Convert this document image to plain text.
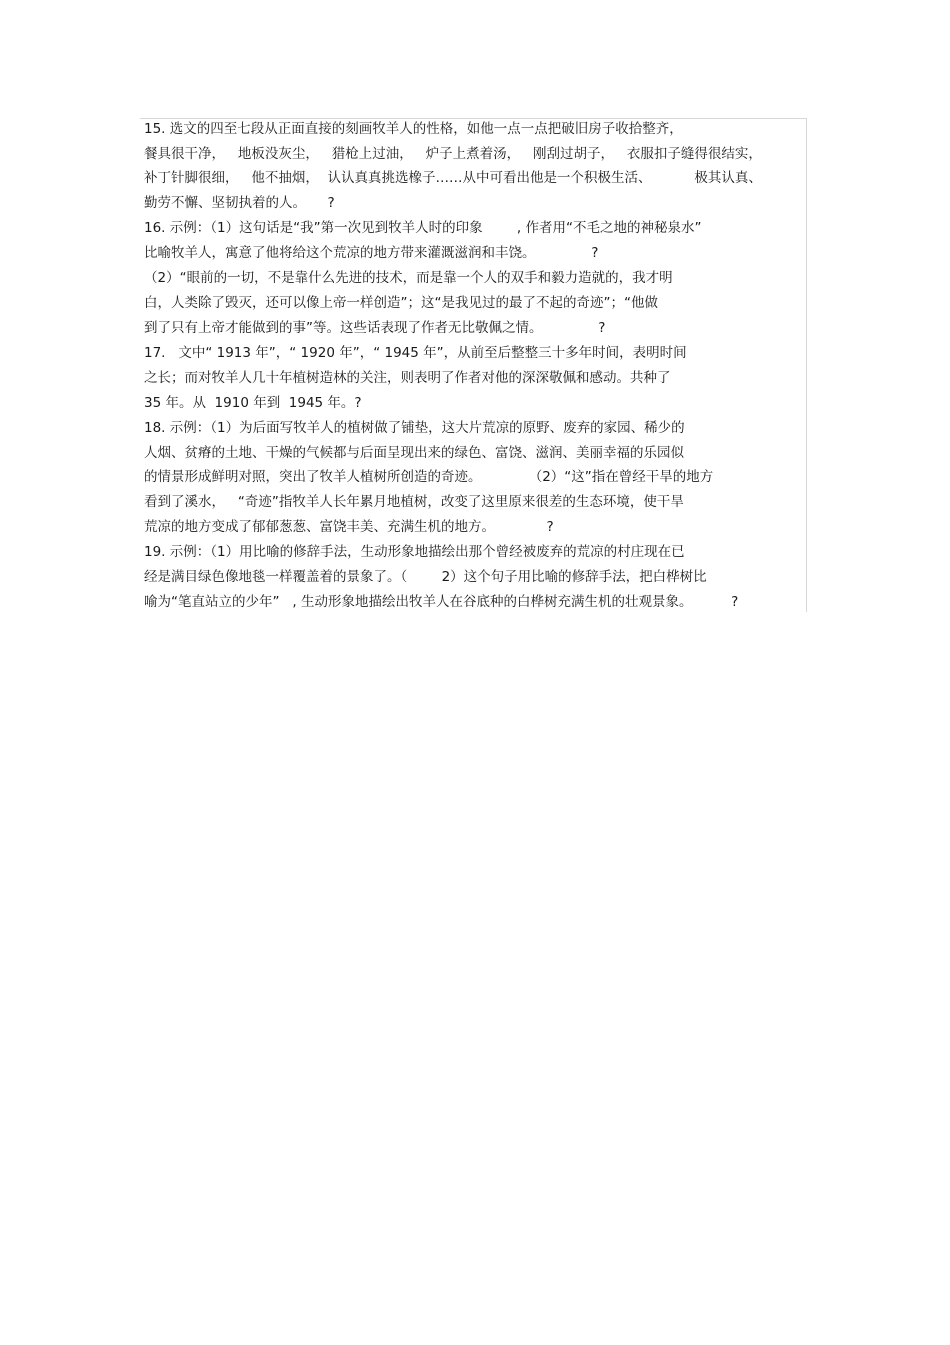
15. 选文的四至七段从正面直接的刻画牧羊人的性格，如他一点一点把破旧房子收拾整齐，
餐具很干净，   地板没灰尘，   猎枪上过油，   炉子上煮着汤，   刚刮过胡子，   衣服扣子缝得很结实，
补丁针脚很细，   他不抽烟，  认认真真挑选橡子……从中可看出他是一个积极生活、          极其认真、
勤劳不懈、坚韧执着的人。     ?
16. 示例：（1）这句话是“我”第一次见到牧羊人时的印象        , 作者用“不毛之地的神秘泉水”
比喻牧羊人，寓意了他将给这个荒凉的地方带来灌溉滋润和丰饶。             ?
（2）“眼前的一切，不是靠什么先进的技术，而是靠一个人的双手和毅力造就的，我才明
白，人类除了毁灭，还可以像上帝一样创造”；这“是我见过的最了不起的奇迹”；“他做
到了只有上帝才能做到的事”等。这些话表现了作者无比敬佩之情。             ?
17.   文中“ 1913 年”，“ 1920 年”，“ 1945 年”，从前至后整整三十多年时间，表明时间
之长；而对牧羊人几十年植树造林的关注，则表明了作者对他的深深敬佩和感动。共种了
35 年。从  1910 年到  1945 年。?
18. 示例：（1）为后面写牧羊人的植树做了铺垫，这大片荒凉的原野、废弃的家园、稀少的
人烟、贫瘠的土地、干燥的气候都与后面呈现出来的绿色、富饶、滋润、美丽幸福的乐园似
的情景形成鲜明对照，突出了牧羊人植树所创造的奇迹。           （2）“这”指在曾经干旱的地方
看到了溪水，   “奇迹”指牧羊人长年累月地植树，改变了这里原来很差的生态环境，使干旱
荒凉的地方变成了郁郁葱葱、富饶丰美、充满生机的地方。            ?
19. 示例：（1）用比喻的修辞手法，生动形象地描绘出那个曾经被废弃的荒凉的村庄现在已
经是满目绿色像地毯一样覆盖着的景象了。（        2）这个句子用比喻的修辞手法，把白桦树比
喻为“笔直站立的少年”   , 生动形象地描绘出牧羊人在谷底种的白桦树充满生机的壮观景象。         ?
